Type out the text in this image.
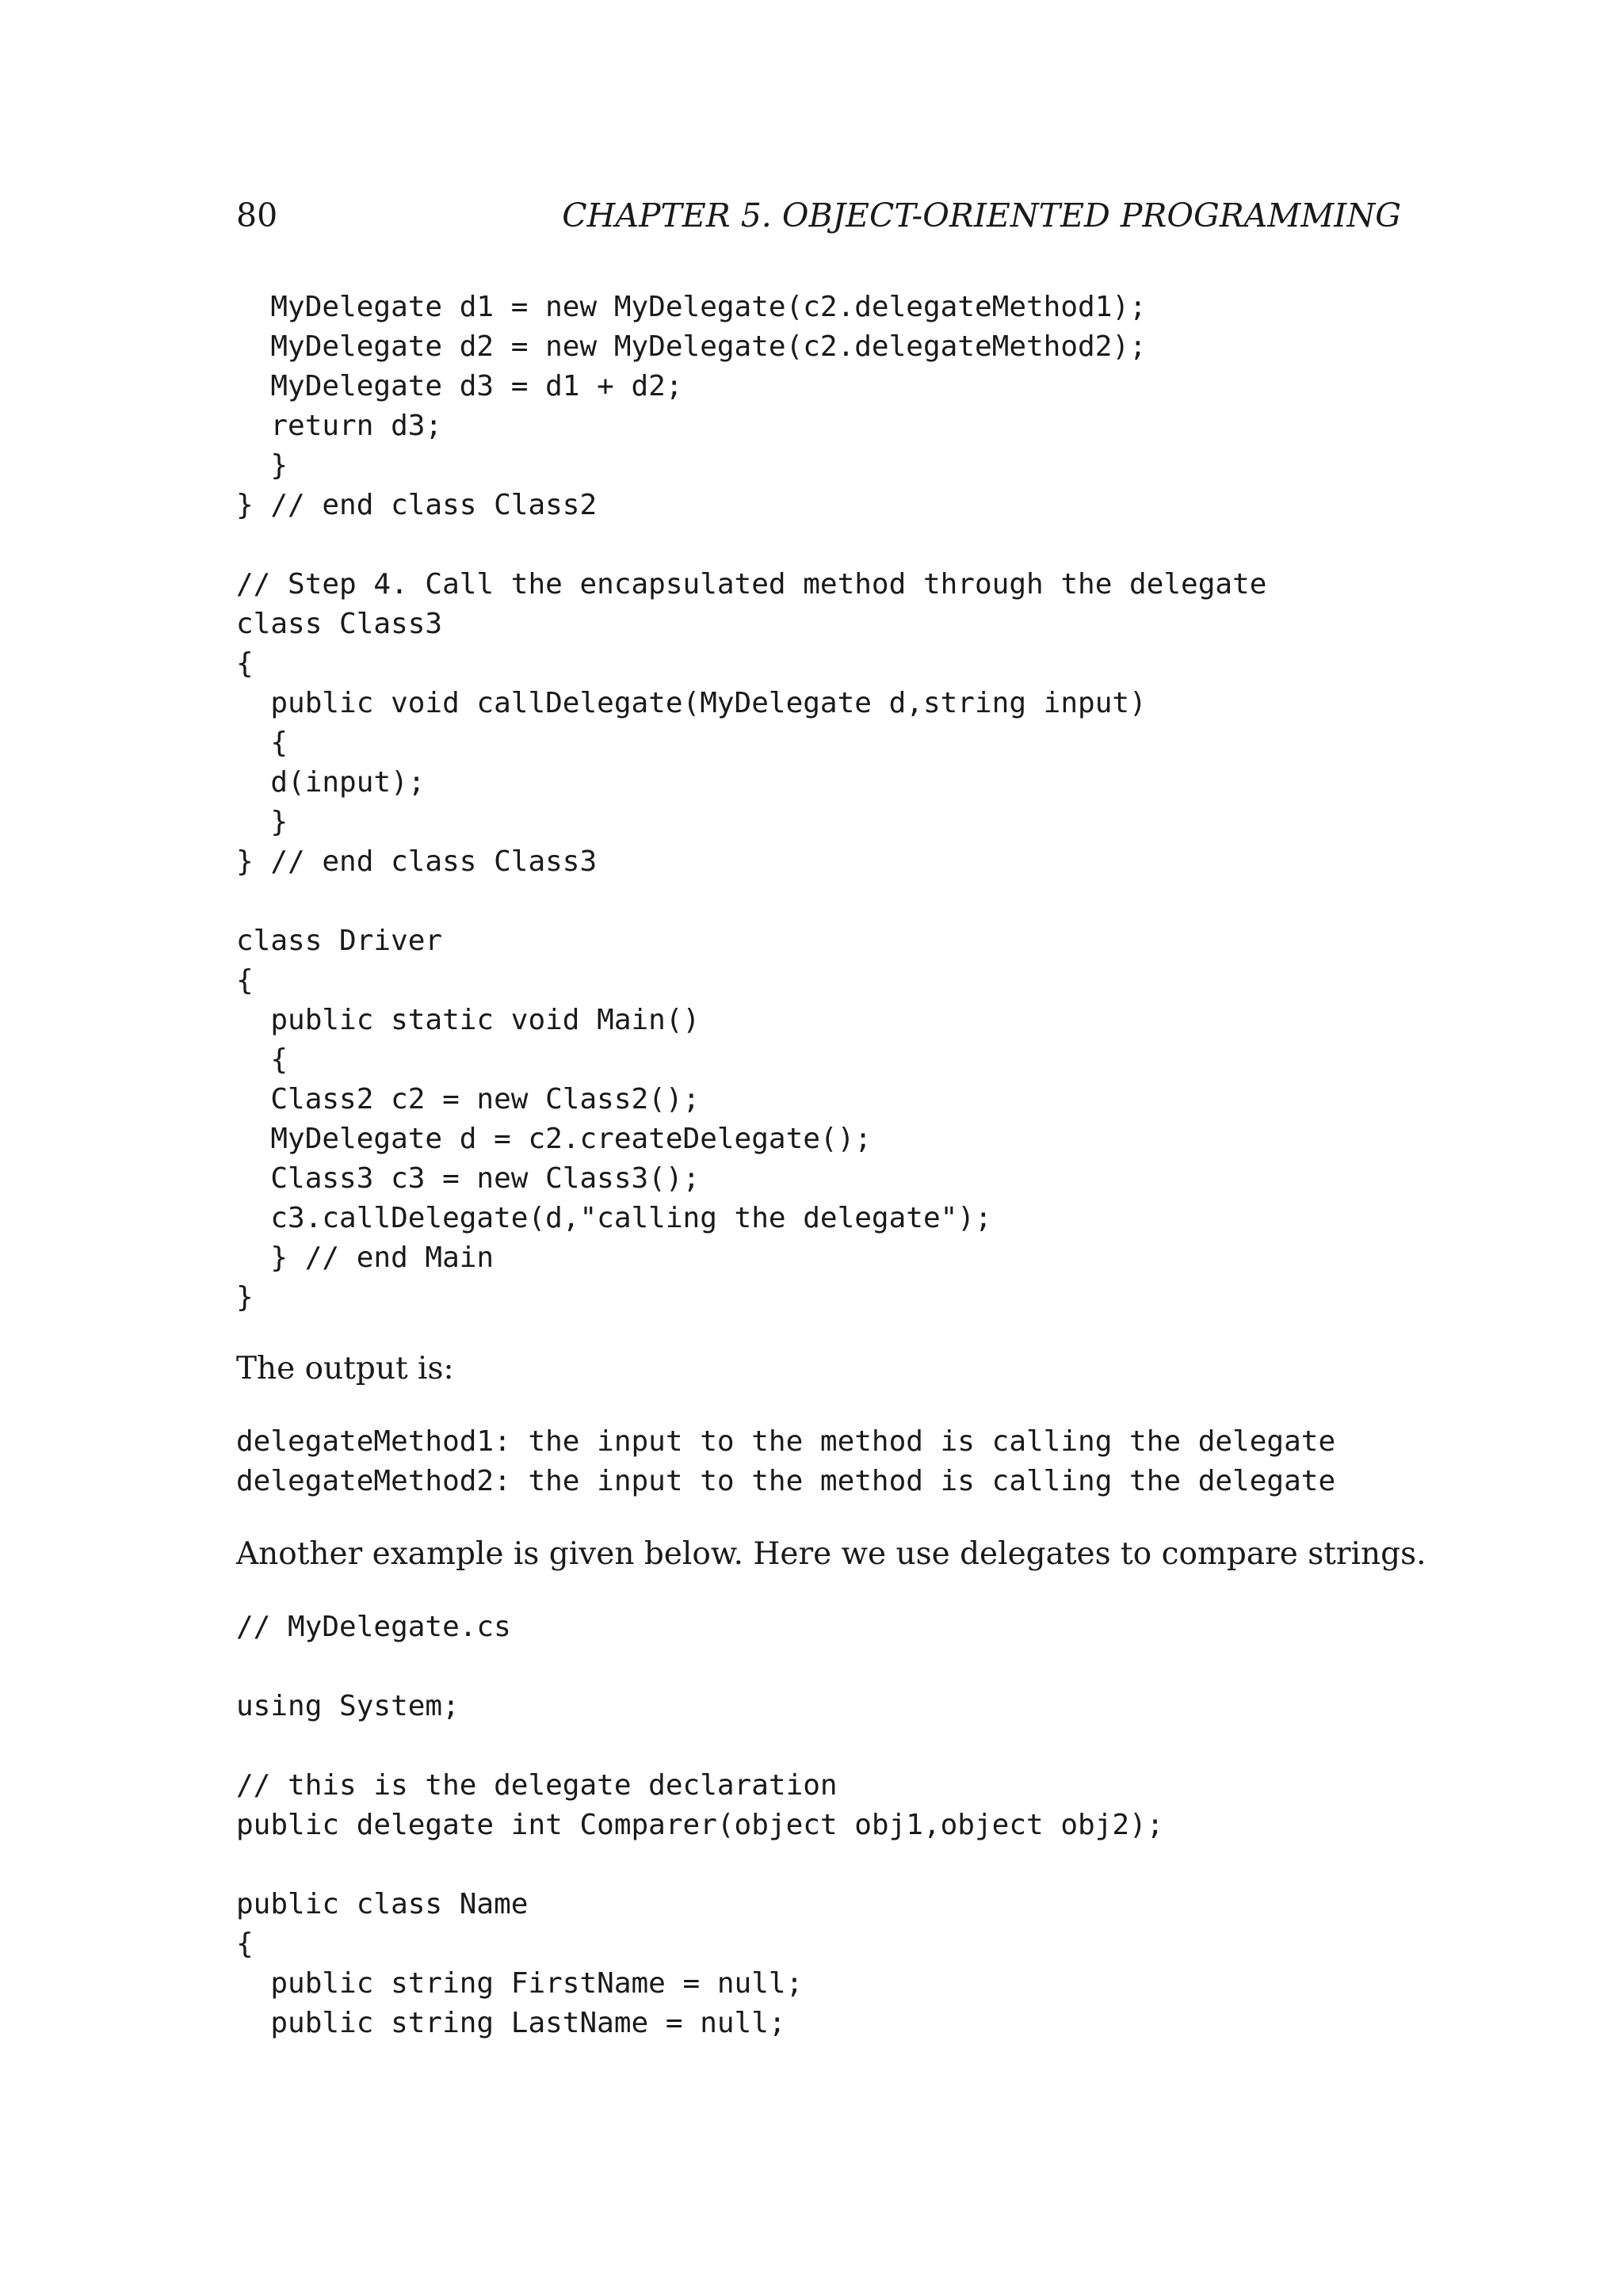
80	CHAPTER 5. OBJECT-ORIENTED PROGRAMMING
MyDelegate d1 = new MyDelegate(c2.delegateMethod1);
MyDelegate d2 = new MyDelegate(c2.delegateMethod2);
MyDelegate d3 = d1 + d2;
return d3;
}
} // end class Class2

// Step 4. Call the encapsulated method through the delegate
class Class3
{
public void callDelegate(MyDelegate d,string input)
{
d(input);
}
} // end class Class3

class Driver
{
public static void Main()
{
Class2 c2 = new Class2();
MyDelegate d = c2.createDelegate();
Class3 c3 = new Class3();
c3.callDelegate(d,"calling the delegate");
} // end Main
}

The output is:

delegateMethod1: the input to the method is calling the delegate
delegateMethod2: the input to the method is calling the delegate

Another example is given below. Here we use delegates to compare strings.

// MyDelegate.cs

using System;

// this is the delegate declaration
public delegate int Comparer(object obj1,object obj2);

public class Name
{
public string FirstName = null;
public string LastName = null;
